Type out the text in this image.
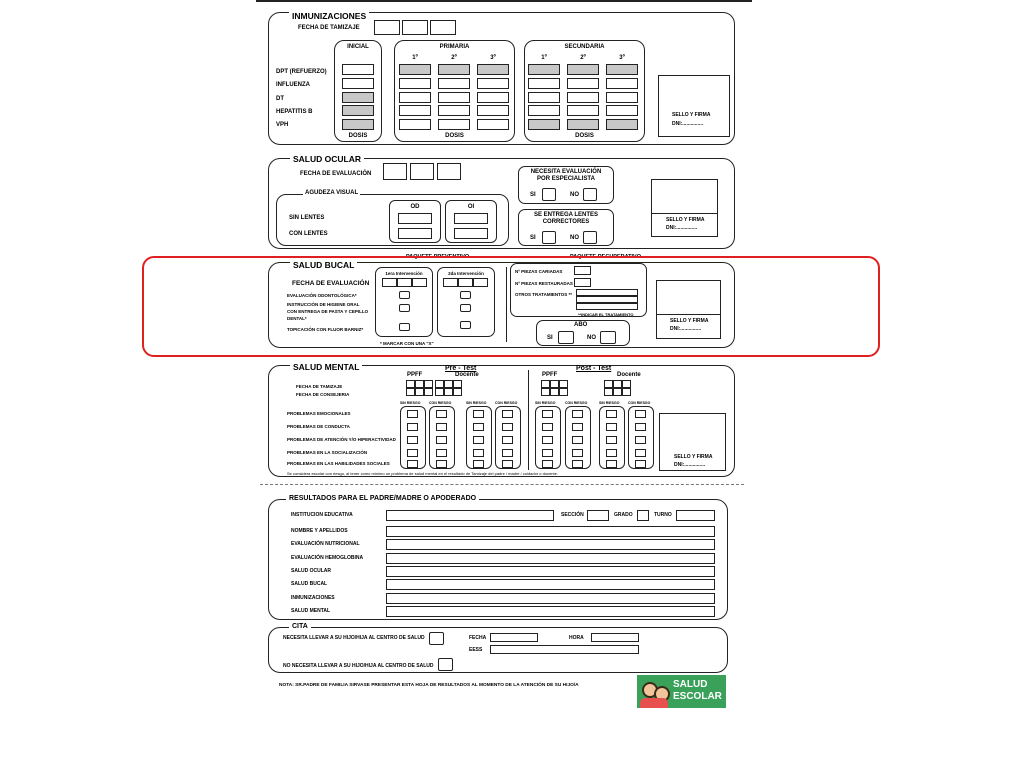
INMUNIZACIONES
FECHA DE TAMIZAJE
DPT (REFUERZO)
INFLUENZA
DT
HEPATITIS B
VPH
INICIAL
DOSIS
PRIMARIA
1º	2º	3º
DOSIS
SECUNDARIA
1º	2º	3º
DOSIS
SELLO Y FIRMA
DNI:...............
SALUD OCULAR
FECHA DE EVALUACIÓN
AGUDEZA VISUAL
SIN LENTES
CON LENTES
OD	OI
NECESITA EVALUACIÓN POR ESPECIALISTA
SI	NO
SE ENTREGA LENTES CORRECTORES
SI	NO
SELLO Y FIRMA
DNI:...............
SALUD BUCAL
PAQUETE PREVENTIVO	PAQUETE RECUPERATIVO
FECHA DE EVALUACIÓN
EVALUACIÓN ODONTOLÓGICA*
INSTRUCCIÓN DE HIGIENE ORAL
CON ENTREGA DE PASTA Y CEPILLO
DENTAL*
TOPICACIÓN CON FLUOR BARNIZ*
1era Intervención	2da Intervención
* MARCAR CON UNA "X"
Nº PIEZAS CARIADAS
Nº PIEZAS RESTAURADAS
OTROS TRATAMIENTOS **
**INDICAR EL TRATAMIENTO
ABO
SI	NO
SELLO Y FIRMA
DNI:...............
SALUD MENTAL	Pre - Test	Post - Test
FECHA DE TAMIZAJE
FECHA DE CONSEJERIA
PPFF	Docente	PPFF	Docente
SIN RIESGO CON RIESGO	SIN RIESGO CON RIESGO	SIN RIESGO	CON RIESGO	SIN RIESGO CON RIESGO
PROBLEMAS EMOCIONALES
PROBLEMAS DE CONDUCTA
PROBLEMAS DE ATENCIÓN Y/O HIPERACTIVIDAD
PROBLEMAS EN LA SOCIALIZACIÓN
PROBLEMAS EN LAS HABILIDADES SOCIALES
Se considera escolar con riesgo, al tener como mínimo un problema de salud mental en el resultado de Tamizaje del padre / madre / cuidador o docente.
SELLO Y FIRMA
DNI:...............
RESULTADOS PARA EL PADRE/MADRE O APODERADO
INSTITUCION EDUCATIVA	SECCIÓN	GRADO	TURNO
NOMBRE Y APELLIDOS
EVALUACIÓN NUTRICIONAL
EVALUACIÓN HEMOGLOBINA
SALUD OCULAR
SALUD BUCAL
INMUNIZACIONES
SALUD MENTAL
CITA
NECESITA LLEVAR A SU HIJO/HIJA AL CENTRO DE SALUD	FECHA	HORA
EESS
NO NECESITA LLEVAR A SU HIJO/HIJA AL CENTRO DE SALUD
NOTA: SR.PADRE DE FAMILIA SIRVASE PRESENTAR ESTA HOJA DE RESULTADOS AL MOMENTO DE LA ATENCIÓN DE SU HIJO/A	SALUD
ESCOLAR
